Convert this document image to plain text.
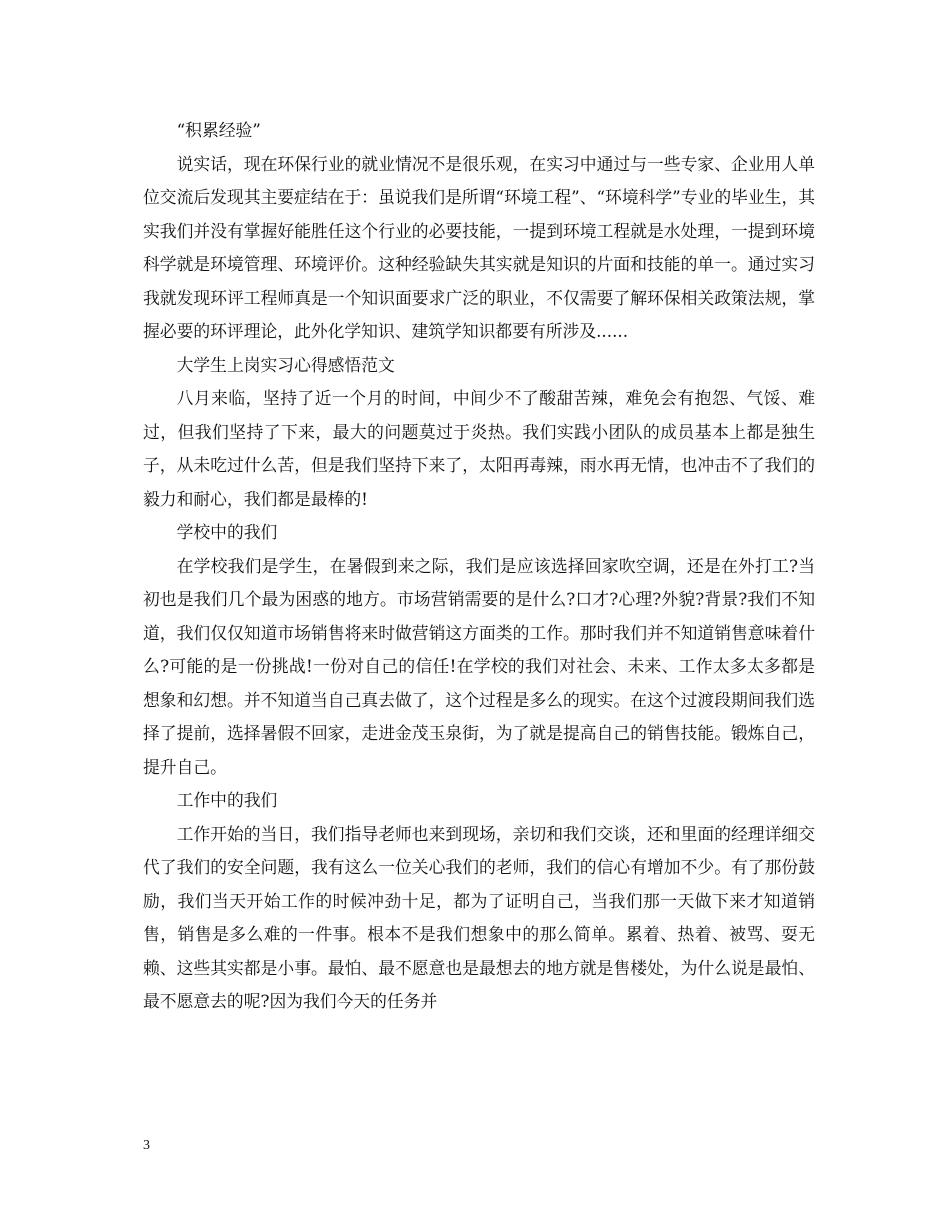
“积累经验”

说实话，现在环保行业的就业情况不是很乐观，在实习中通过与一些专家、企业用人单位交流后发现其主要症结在于：虽说我们是所谓“环境工程”、“环境科学”专业的毕业生，其实我们并没有掌握好能胜任这个行业的必要技能，一提到环境工程就是水处理，一提到环境科学就是环境管理、环境评价。这种经验缺失其实就是知识的片面和技能的单一。通过实习我就发现环评工程师真是一个知识面要求广泛的职业，不仅需要了解环保相关政策法规，掌握必要的环评理论，此外化学知识、建筑学知识都要有所涉及......

大学生上岗实习心得感悟范文

八月来临，坚持了近一个月的时间，中间少不了酸甜苦辣，难免会有抱怨、气馁、难过，但我们坚持了下来，最大的问题莫过于炎热。我们实践小团队的成员基本上都是独生子，从未吃过什么苦，但是我们坚持下来了，太阳再毒辣，雨水再无情，也冲击不了我们的毅力和耐心，我们都是最棒的!

学校中的我们

在学校我们是学生，在暑假到来之际，我们是应该选择回家吹空调，还是在外打工?当初也是我们几个最为困惑的地方。市场营销需要的是什么?口才?心理?外貌?背景?我们不知道，我们仅仅知道市场销售将来时做营销这方面类的工作。那时我们并不知道销售意味着什么?可能的是一份挑战!一份对自己的信任!在学校的我们对社会、未来、工作太多太多都是想象和幻想。并不知道当自己真去做了，这个过程是多么的现实。在这个过渡段期间我们选择了提前，选择暑假不回家，走进金茂玉泉街，为了就是提高自己的销售技能。锻炼自己，提升自己。

工作中的我们

工作开始的当日，我们指导老师也来到现场，亲切和我们交谈，还和里面的经理详细交代了我们的安全问题，我有这么一位关心我们的老师，我们的信心有增加不少。有了那份鼓励，我们当天开始工作的时候冲劲十足，都为了证明自己，当我们那一天做下来才知道销售，销售是多么难的一件事。根本不是我们想象中的那么简单。累着、热着、被骂、耍无赖、这些其实都是小事。最怕、最不愿意也是最想去的地方就是售楼处，为什么说是最怕、最不愿意去的呢?因为我们今天的任务并

3
